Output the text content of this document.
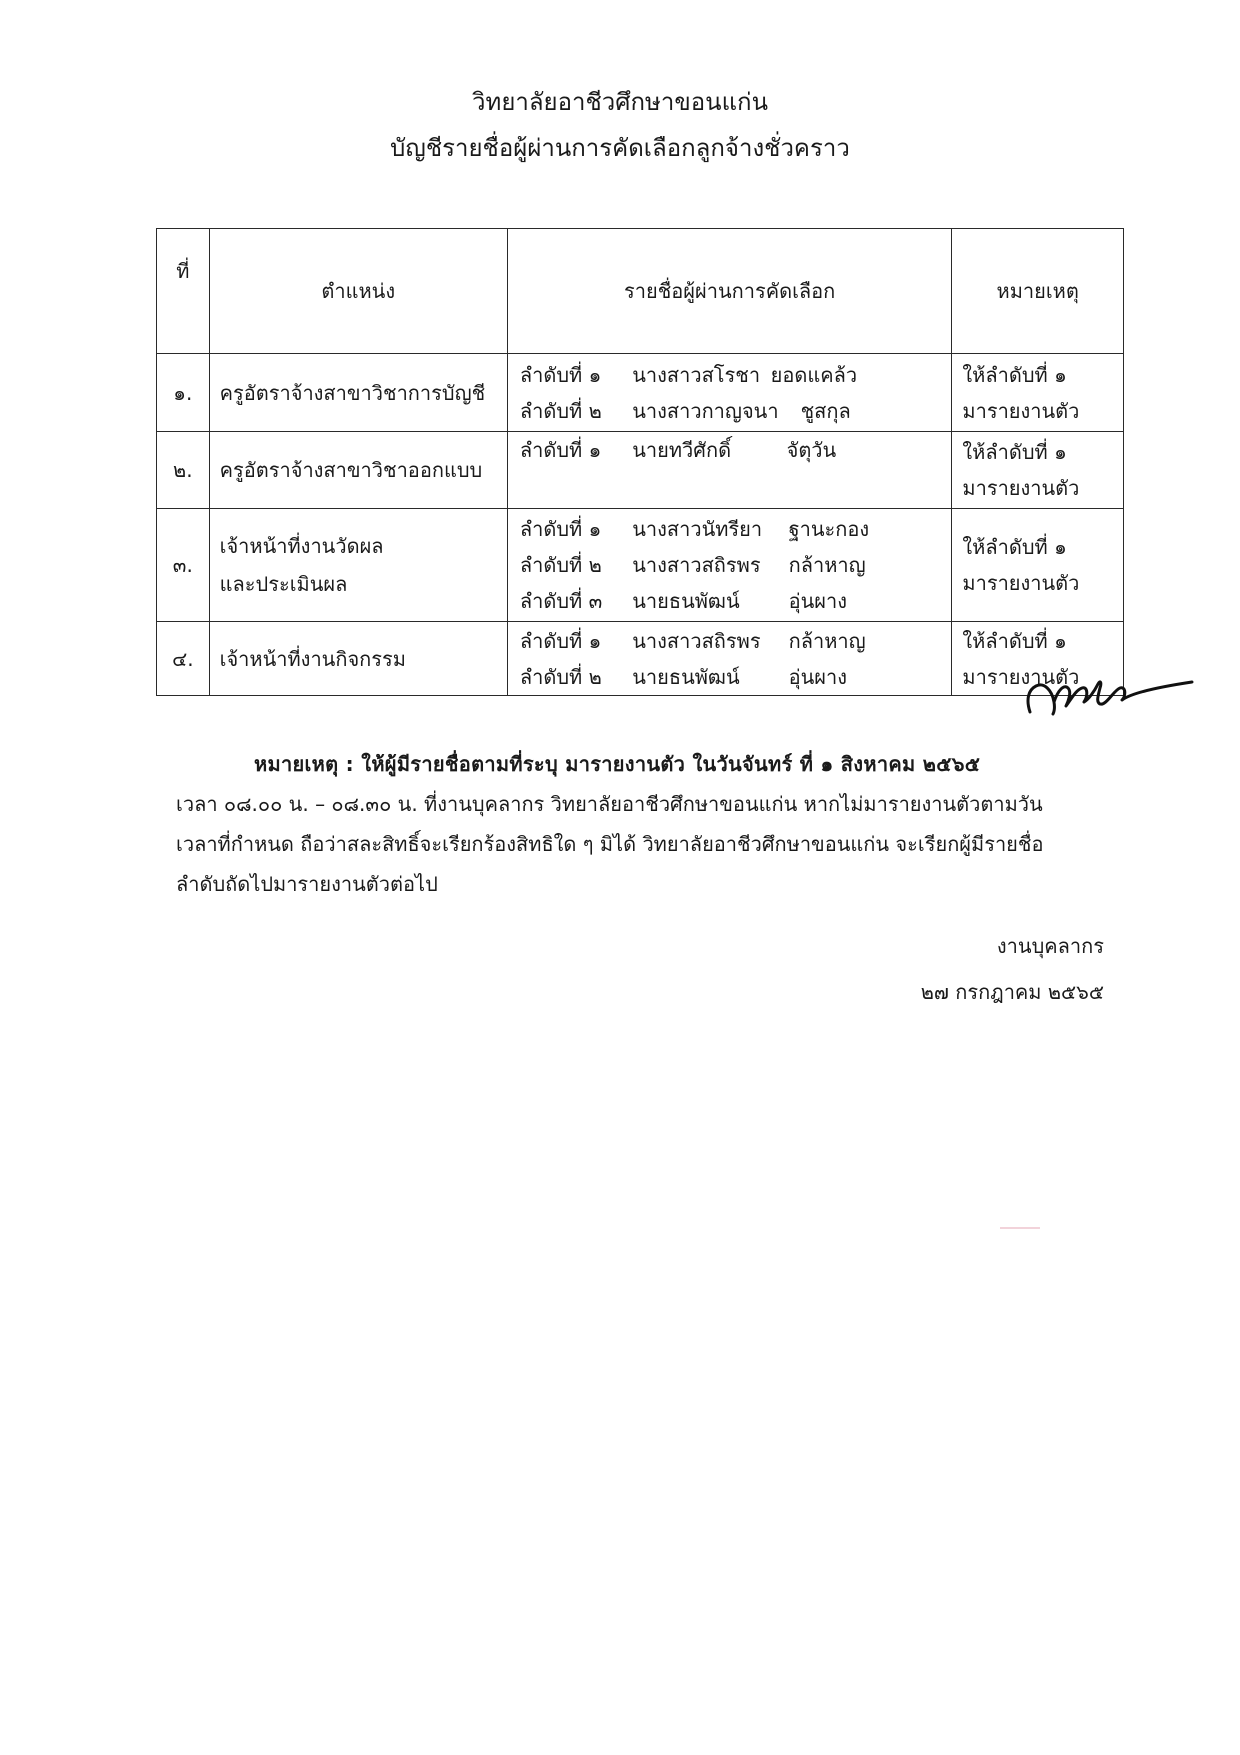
วิทยาลัยอาชีวศึกษาขอนแก่น
บัญชีรายชื่อผู้ผ่านการคัดเลือกลูกจ้างชั่วคราว
ที่	ตำแหน่ง	รายชื่อผู้ผ่านการคัดเลือก	หมายเหตุ
๑.	ครูอัตราจ้างสาขาวิชาการบัญชี	ลำดับที่ ๑ นางสาวสโรชา ยอดแคล้ว
ลำดับที่ ๒ นางสาวกาญจนา ชูสกุล	ให้ลำดับที่ ๑
มารายงานตัว

๒.	ครูอัตราจ้างสาขาวิชาออกแบบ	ลำดับที่ ๑ นายทวีศักดิ์ จัตุวัน	ให้ลำดับที่ ๑
มารายงานตัว

๓.	เจ้าหน้าที่งานวัดผล
และประเมินผล	ลำดับที่ ๑ นางสาวนัทรียา ฐานะกอง
ลำดับที่ ๒ นางสาวสถิรพร กล้าหาญ
ลำดับที่ ๓ นายธนพัฒน์ อุ่นผาง	ให้ลำดับที่ ๑
มารายงานตัว

๔.	เจ้าหน้าที่งานกิจกรรม	ลำดับที่ ๑ นางสาวสถิรพร กล้าหาญ
ลำดับที่ ๒ นายธนพัฒน์ อุ่นผาง	ให้ลำดับที่ ๑
มารายงานตัว
หมายเหตุ : ให้ผู้มีรายชื่อตามที่ระบุ มารายงานตัว ในวันจันทร์ ที่ ๑ สิงหาคม ๒๕๖๕
เวลา ๐๘.๐๐ น. – ๐๘.๓๐ น. ที่งานบุคลากร วิทยาลัยอาชีวศึกษาขอนแก่น หากไม่มารายงานตัวตามวัน
เวลาที่กำหนด ถือว่าสละสิทธิ์จะเรียกร้องสิทธิใด ๆ มิได้ วิทยาลัยอาชีวศึกษาขอนแก่น จะเรียกผู้มีรายชื่อ
ลำดับถัดไปมารายงานตัวต่อไป
งานบุคลากร
๒๗ กรกฎาคม ๒๕๖๕
